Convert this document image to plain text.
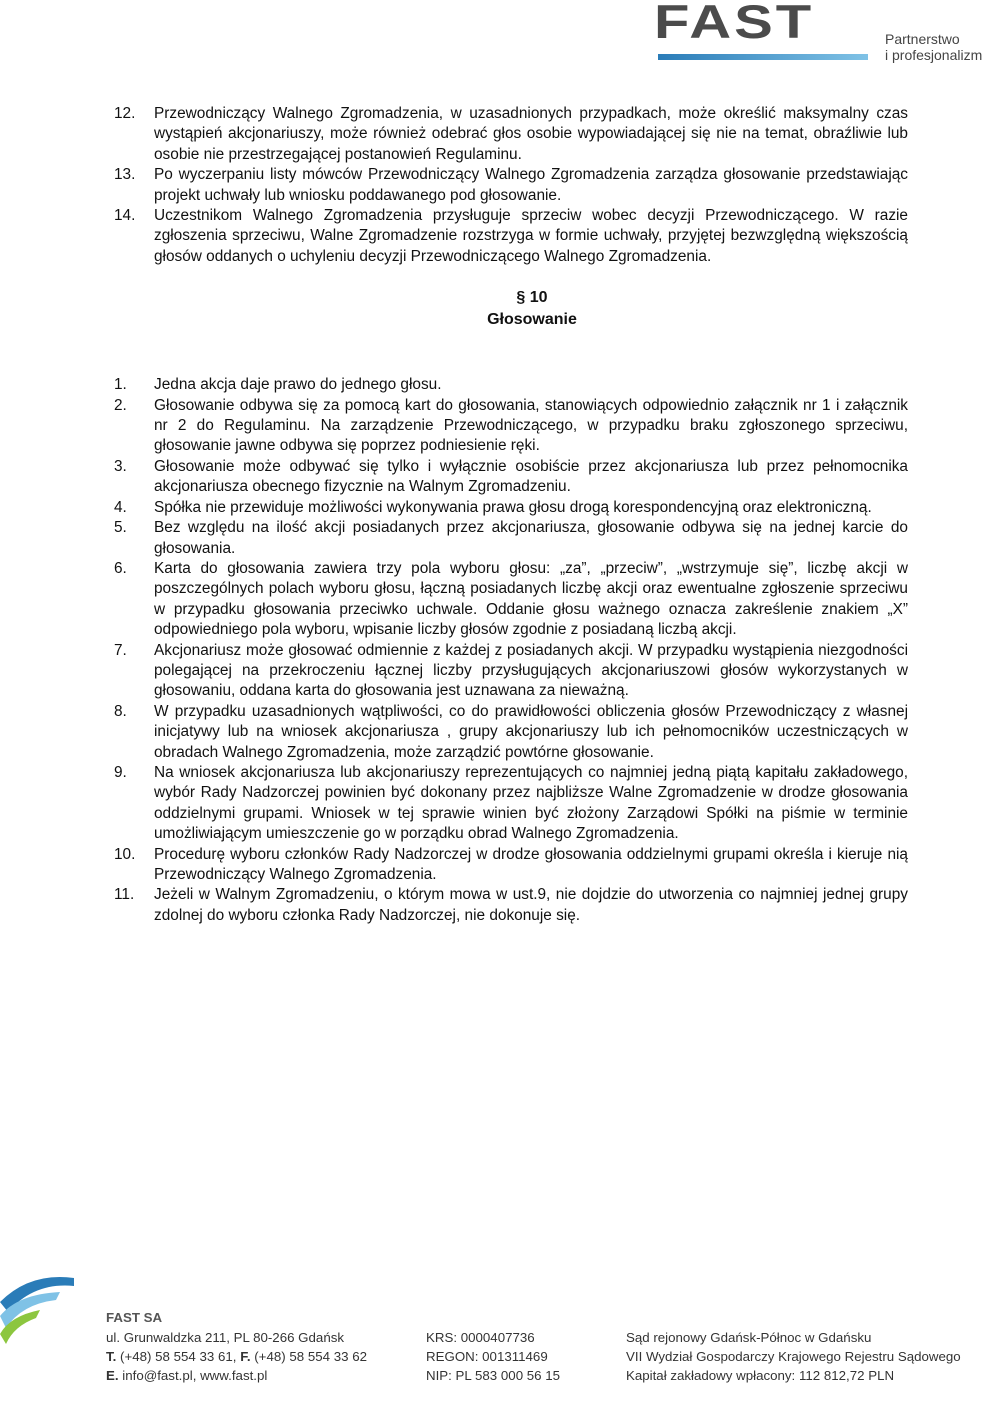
FAST	Partnerstwo
i profesjonalizm
12.	Przewodniczący Walnego Zgromadzenia, w uzasadnionych przypadkach, może określić maksymalny czas wystąpień akcjonariuszy, może również odebrać głos osobie wypowiadającej się nie na temat, obraźliwie lub osobie nie przestrzegającej postanowień Regulaminu.
13.	Po wyczerpaniu listy mówców Przewodniczący Walnego Zgromadzenia zarządza głosowanie przedstawiając projekt uchwały lub wniosku poddawanego pod głosowanie.
14.	Uczestnikom Walnego Zgromadzenia przysługuje sprzeciw wobec decyzji Przewodniczącego. W razie zgłoszenia sprzeciwu, Walne Zgromadzenie rozstrzyga w formie uchwały, przyjętej bezwzględną większością głosów oddanych o uchyleniu decyzji Przewodniczącego Walnego Zgromadzenia.
§ 10
Głosowanie
1.	Jedna akcja daje prawo do jednego głosu.
2.	Głosowanie odbywa się za pomocą kart do głosowania, stanowiących odpowiednio załącznik nr 1 i załącznik nr 2 do Regulaminu. Na zarządzenie Przewodniczącego, w przypadku braku zgłoszonego sprzeciwu, głosowanie jawne odbywa się poprzez podniesienie ręki.
3.	Głosowanie może odbywać się tylko i wyłącznie osobiście przez akcjonariusza lub przez pełnomocnika akcjonariusza obecnego fizycznie na Walnym Zgromadzeniu.
4.	Spółka nie przewiduje możliwości wykonywania prawa głosu drogą korespondencyjną oraz elektroniczną.
5.	Bez względu na ilość akcji posiadanych przez akcjonariusza, głosowanie odbywa się na jednej karcie do głosowania.
6.	Karta do głosowania zawiera trzy pola wyboru głosu: „za”, „przeciw”, „wstrzymuje się”, liczbę akcji w poszczególnych polach wyboru głosu, łączną posiadanych liczbę akcji oraz ewentualne zgłoszenie sprzeciwu w przypadku głosowania przeciwko uchwale. Oddanie głosu ważnego oznacza zakreślenie znakiem „X” odpowiedniego pola wyboru, wpisanie liczby głosów zgodnie z posiadaną liczbą akcji.
7.	Akcjonariusz może głosować odmiennie z każdej z posiadanych akcji. W przypadku wystąpienia niezgodności polegającej na przekroczeniu łącznej liczby przysługujących akcjonariuszowi głosów wykorzystanych w głosowaniu, oddana karta do głosowania jest uznawana za nieważną.
8.	W przypadku uzasadnionych wątpliwości, co do prawidłowości obliczenia głosów Przewodniczący z własnej inicjatywy lub na wniosek akcjonariusza , grupy akcjonariuszy lub ich pełnomocników uczestniczących w obradach Walnego Zgromadzenia, może zarządzić powtórne głosowanie.
9.	Na wniosek akcjonariusza lub akcjonariuszy reprezentujących co najmniej jedną piątą kapitału zakładowego, wybór Rady Nadzorczej powinien być dokonany przez najbliższe Walne Zgromadzenie w drodze głosowania oddzielnymi grupami. Wniosek w tej sprawie winien być złożony Zarządowi Spółki na piśmie w terminie umożliwiającym umieszczenie go w porządku obrad Walnego Zgromadzenia.
10.	Procedurę wyboru członków Rady Nadzorczej w drodze głosowania oddzielnymi grupami określa i kieruje nią Przewodniczący Walnego Zgromadzenia.
11.	Jeżeli w Walnym Zgromadzeniu, o którym mowa w ust.9, nie dojdzie do utworzenia co najmniej jednej grupy zdolnej do wyboru członka Rady Nadzorczej, nie dokonuje się.
FAST SA
ul. Grunwaldzka 211, PL 80-266 Gdańsk
T. (+48) 58 554 33 61, F. (+48) 58 554 33 62
E. info@fast.pl, www.fast.pl
KRS: 0000407736
REGON: 001311469
NIP: PL 583 000 56 15
Sąd rejonowy Gdańsk-Północ w Gdańsku
VII Wydział Gospodarczy Krajowego Rejestru Sądowego
Kapitał zakładowy wpłacony: 112 812,72 PLN
